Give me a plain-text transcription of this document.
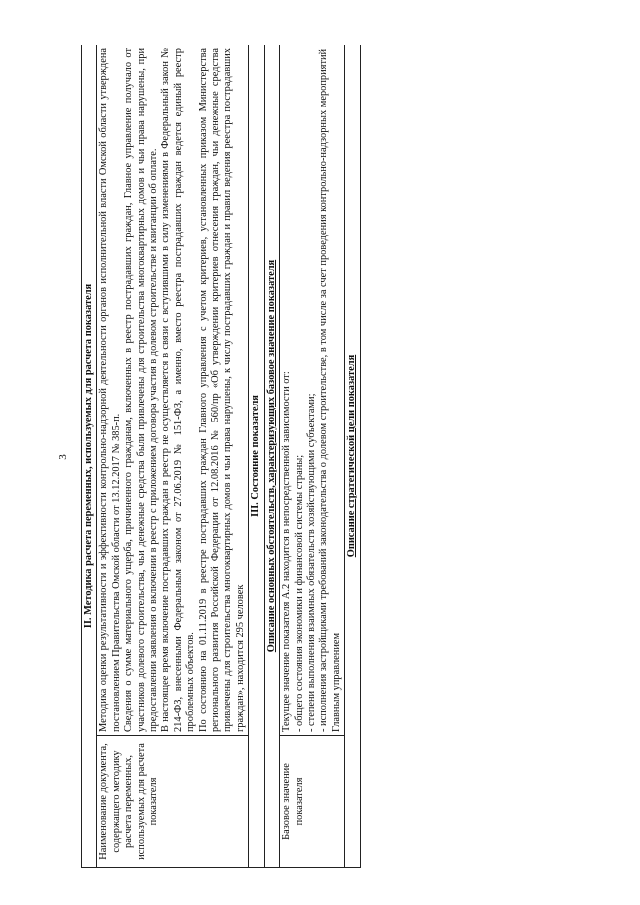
3 II. Методика расчета переменных, используемых для расчета показателя	
Наименование документа, содержащего методику расчета переменных, используемых для расчета показателя	Методика оценки результативности и эффективности контрольно-надзорной деятельности органов исполнительной власти Омской области утверждена постановлением Правительства Омской области от 13.12.2017 № 385-п. Сведения о сумме материального ущерба, причиненного гражданам, включенных в реестр пострадавших граждан, Главное управление получало от участников долевого строительства, чьи денежные средства были привлечены для строительства многоквартирных домов и чьи права нарушены, при предоставлении заявления о включении в реестр с приложением договора участия в долевом строительстве и квитанции об оплате. В настоящее время включение пострадавших граждан в реестр не осуществляется в связи с вступившими в силу изменениями в Федеральный закон № 214-ФЗ, внесенными Федеральным законом от 27.06.2019 № 151-ФЗ, а именно, вместо реестра пострадавших граждан ведется единый реестр проблемных объектов. По состоянию на 01.11.2019 в реестре пострадавших граждан Главного управления с учетом критериев, установленных приказом Министерства регионального развития Российской Федерации от 12.08.2016 № 560/пр «Об утверждении критериев отнесения граждан, чьи денежные средства привлечены для строительства многоквартирных домов и чьи права нарушены, к числу пострадавших граждан и правил ведения реестра пострадавших граждан», находится 295 человек

III. Состояние показателя	
Описание основных обстоятельств, характеризующих базовое значение показателя	
Базовое значение показателя	Текущее значение показателя А.2 находится в непосредственной зависимости от: - общего состояния экономики и финансовой системы страны; - степени выполнения взаимных обязательств хозяйствующими субъектами; - исполнения застройщиками требований законодательства о долевом строительстве, в том числе за счет проведения контрольно-надзорных мероприятий Главным управлением

Описание стратегической цели показателя	
